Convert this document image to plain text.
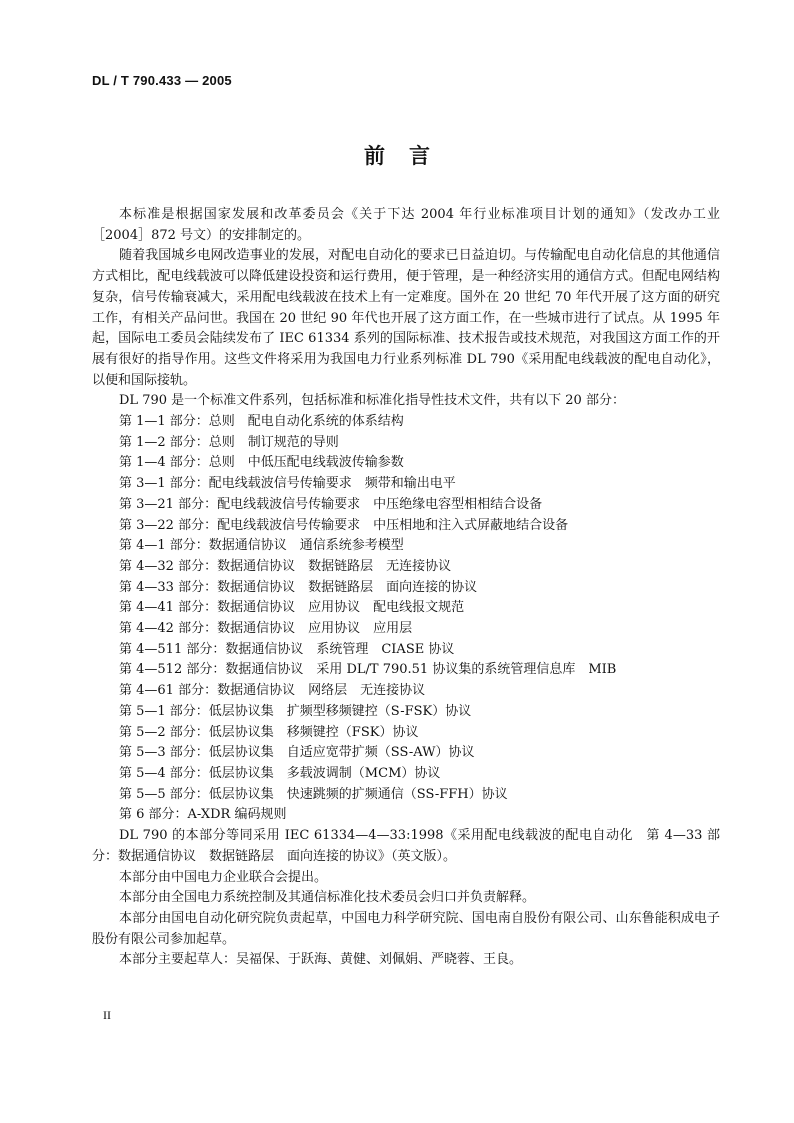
DL / T 790.433 — 2005
前言

本标准是根据国家发展和改革委员会《关于下达 2004 年行业标准项目计划的通知》（发改办工业［2004］872 号文）的安排制定的。

随着我国城乡电网改造事业的发展，对配电自动化的要求已日益迫切。与传输配电自动化信息的其他通信方式相比，配电线载波可以降低建设投资和运行费用，便于管理，是一种经济实用的通信方式。但配电网结构复杂，信号传输衰减大，采用配电线载波在技术上有一定难度。国外在 20 世纪 70 年代开展了这方面的研究工作，有相关产品问世。我国在 20 世纪 90 年代也开展了这方面工作，在一些城市进行了试点。从 1995 年起，国际电工委员会陆续发布了 IEC 61334 系列的国际标准、技术报告或技术规范，对我国这方面工作的开展有很好的指导作用。这些文件将采用为我国电力行业系列标准 DL 790《采用配电线载波的配电自动化》，以便和国际接轨。

DL 790 是一个标准文件系列，包括标准和标准化指导性技术文件，共有以下 20 部分：

第 1—1 部分：总则　配电自动化系统的体系结构
第 1—2 部分：总则　制订规范的导则
第 1—4 部分：总则　中低压配电线载波传输参数
第 3—1 部分：配电线载波信号传输要求　频带和输出电平
第 3—21 部分：配电线载波信号传输要求　中压绝缘电容型相相结合设备
第 3—22 部分：配电线载波信号传输要求　中压相地和注入式屏蔽地结合设备
第 4—1 部分：数据通信协议　通信系统参考模型
第 4—32 部分：数据通信协议　数据链路层　无连接协议
第 4—33 部分：数据通信协议　数据链路层　面向连接的协议
第 4—41 部分：数据通信协议　应用协议　配电线报文规范
第 4—42 部分：数据通信协议　应用协议　应用层
第 4—511 部分：数据通信协议　系统管理　CIASE 协议
第 4—512 部分：数据通信协议　采用 DL/T 790.51 协议集的系统管理信息库　MIB
第 4—61 部分：数据通信协议　网络层　无连接协议
第 5—1 部分：低层协议集　扩频型移频键控（S-FSK）协议
第 5—2 部分：低层协议集　移频键控（FSK）协议
第 5—3 部分：低层协议集　自适应宽带扩频（SS-AW）协议
第 5—4 部分：低层协议集　多载波调制（MCM）协议
第 5—5 部分：低层协议集　快速跳频的扩频通信（SS-FFH）协议
第 6 部分：A-XDR 编码规则

DL 790 的本部分等同采用 IEC 61334—4—33:1998《采用配电线载波的配电自动化　第 4—33 部分：数据通信协议　数据链路层　面向连接的协议》（英文版）。

本部分由中国电力企业联合会提出。

本部分由全国电力系统控制及其通信标准化技术委员会归口并负责解释。

本部分由国电自动化研究院负责起草，中国电力科学研究院、国电南自股份有限公司、山东鲁能积成电子股份有限公司参加起草。

本部分主要起草人：吴福保、于跃海、黄健、刘佩娟、严晓蓉、王良。

II
